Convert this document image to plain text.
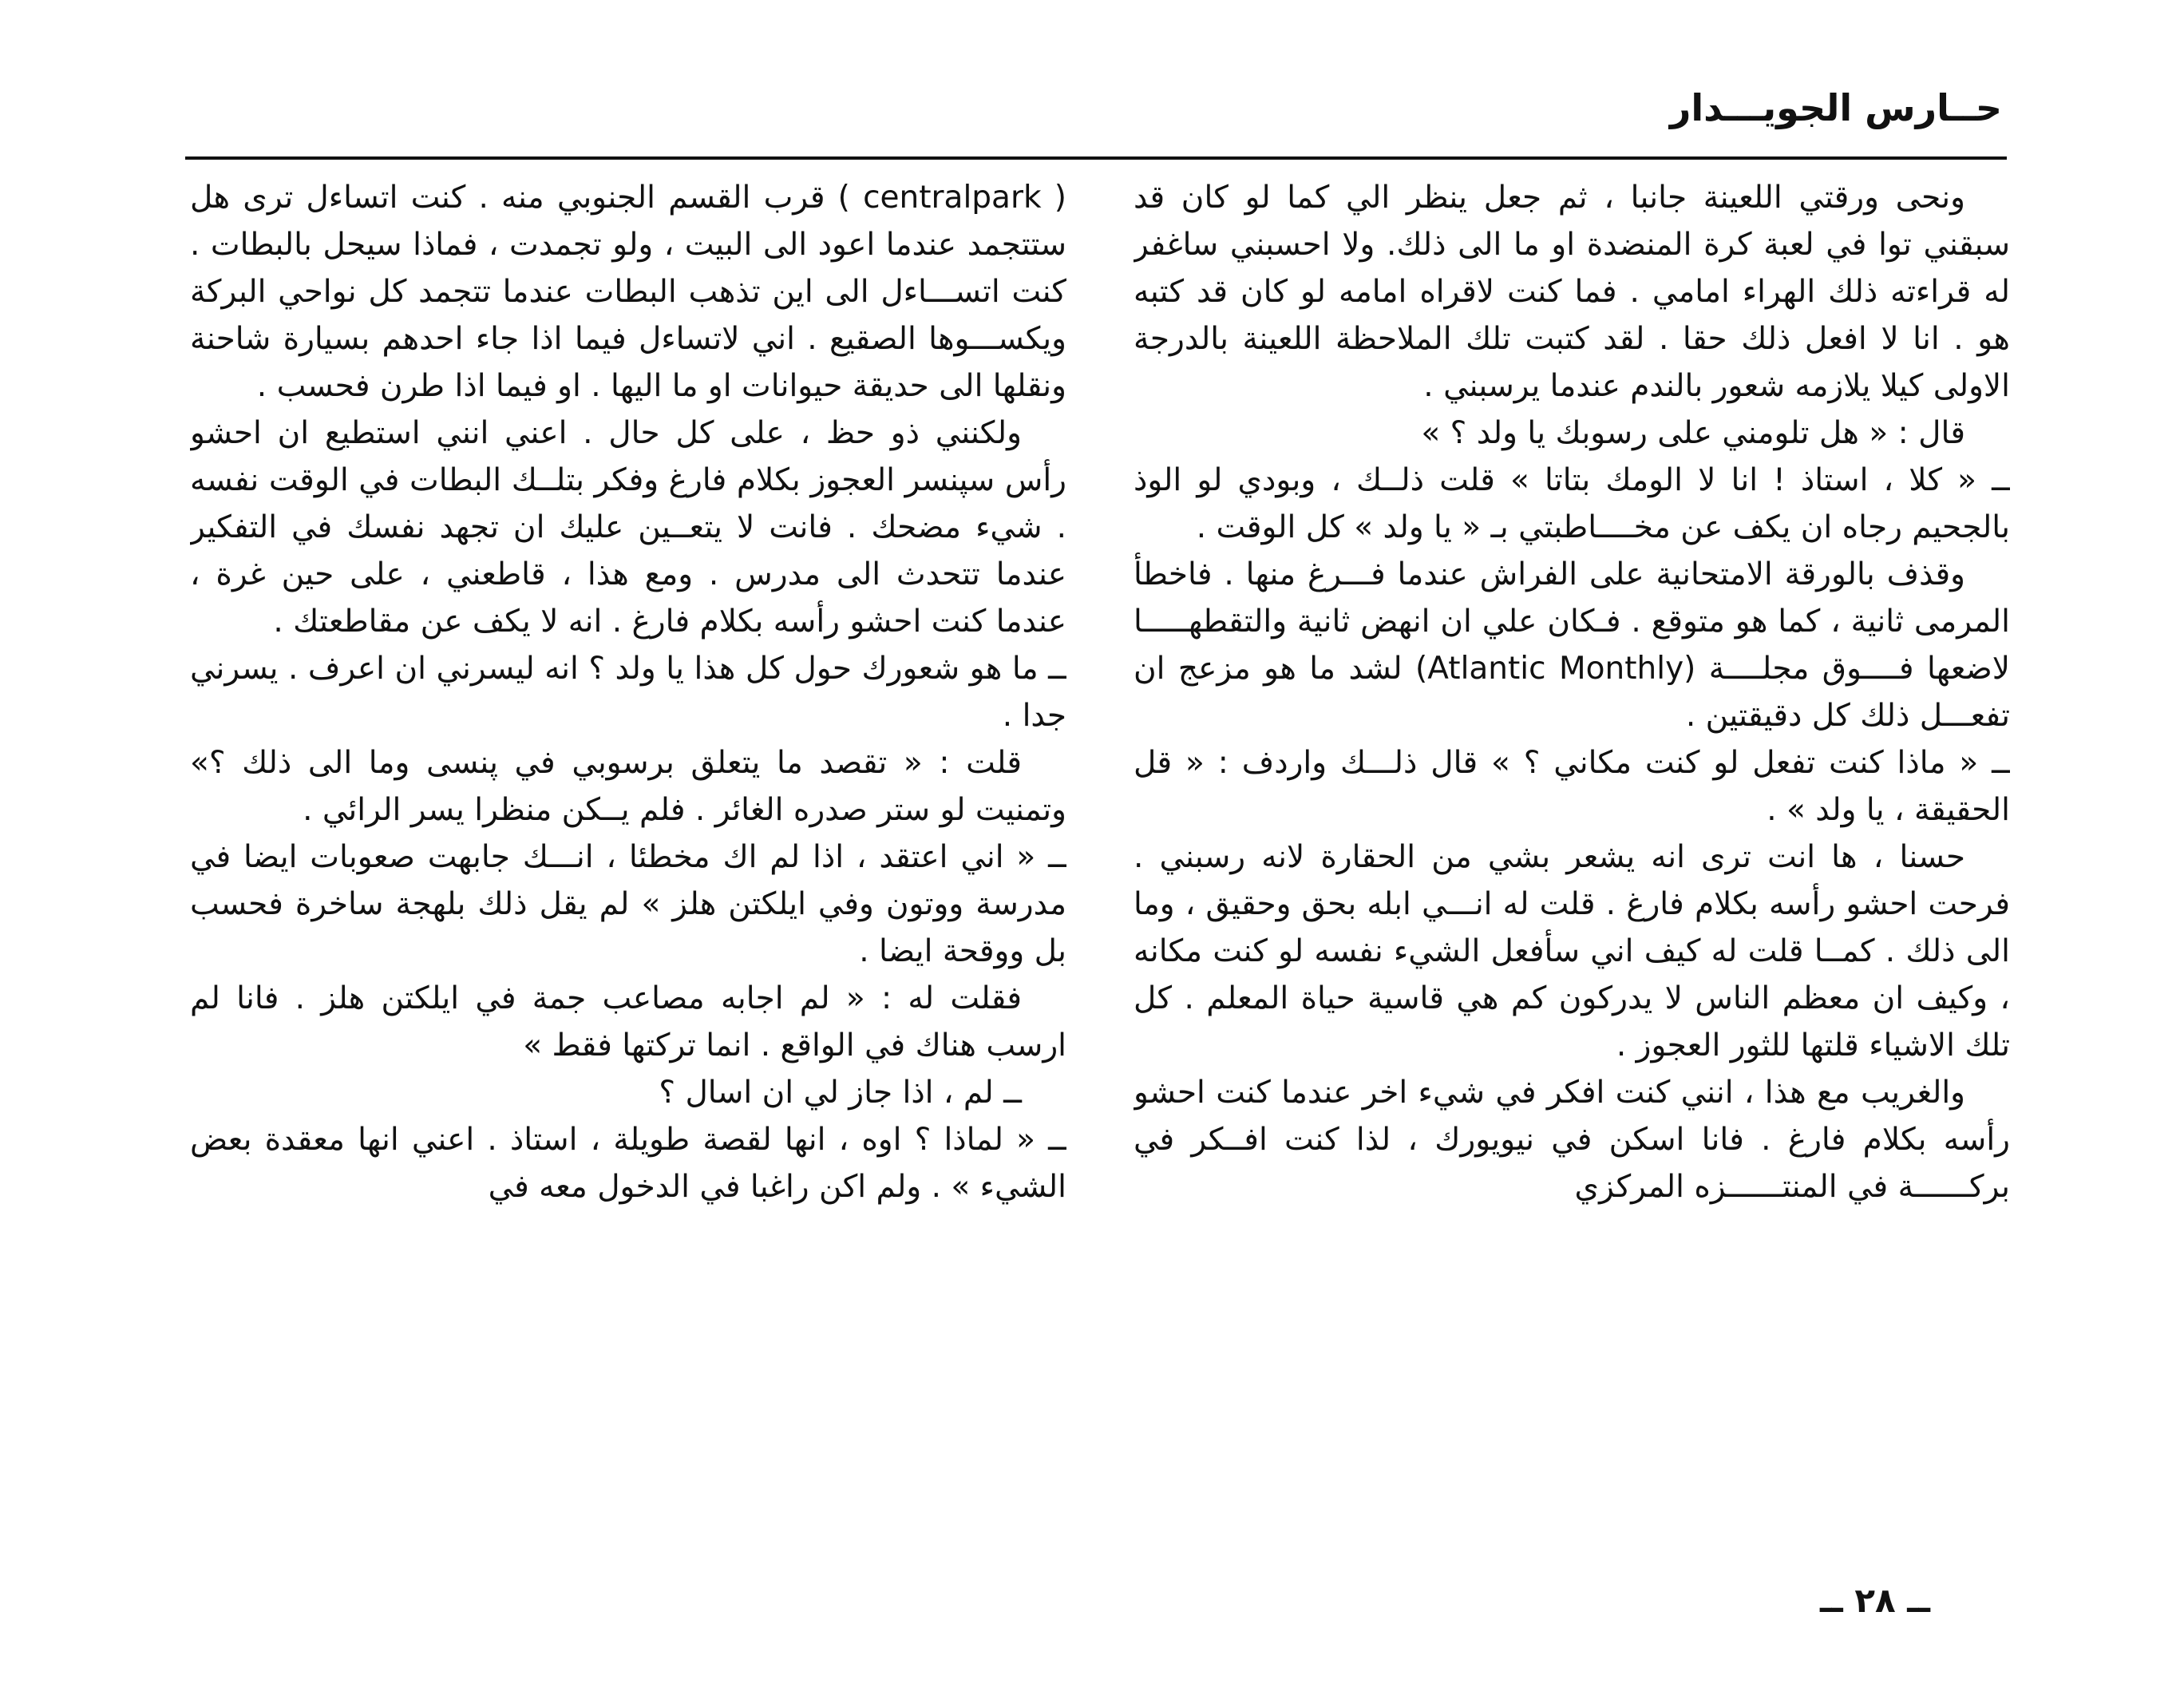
حــارس الجويـــدار

ونحى ورقتي اللعينة جانبا ، ثم جعل ينظر الي كما لو كان قد سبقني توا في لعبة كرة المنضدة او ما الى ذلك. ولا احسبني ساغفر له قراءته ذلك الهراء امامي . فما كنت لاقراه امامه لو كان قد كتبه هو . انا لا افعل ذلك حقا . لقد كتبت تلك الملاحظة اللعينة بالدرجة الاولى كيلا يلازمه شعور بالندم عندما يرسبني .

قال : « هل تلومني على رسوبك يا ولد ؟ »

ــ « كلا ، استاذ ! انا لا الومك بتاتا » قلت ذلــك ، وبودي لو الوذ بالجحيم رجاه ان يكف عن مخــــاطبتي بـ « يا ولد » كل الوقت .

وقذف بالورقة الامتحانية على الفراش عندما فـــرغ منها . فاخطأ المرمى ثانية ، كما هو متوقع . فـكان علي ان انهض ثانية والتقطهـــــا لاضعها فــــوق مجلــــة (Atlantic Monthly) لشد ما هو مزعج ان تفعـــل ذلك كل دقيقتين .

ــ « ماذا كنت تفعل لو كنت مكاني ؟ » قال ذلـــك واردف : « قل الحقيقة ، يا ولد » .

حسنا ، ها انت ترى انه يشعر بشي من الحقارة لانه رسبني . فرحت احشو رأسه بكلام فارغ . قلت له انـــي ابله بحق وحقيق ، وما الى ذلك . كمــا قلت له كيف اني سأفعل الشيء نفسه لو كنت مكانه ، وكيف ان معظم الناس لا يدركون كم هي قاسية حياة المعلم . كل تلك الاشياء قلتها للثور العجوز .

والغريب مع هذا ، انني كنت افكر في شيء اخر عندما كنت احشو رأسه بكلام فارغ . فانا اسكن في نيويورك ، لذا كنت افــكر في بركــــــة في المنتــــــزه المركزي

( centralpark ) قرب القسم الجنوبي منه . كنت اتساءل ترى هل ستتجمد عندما اعود الى البيت ، ولو تجمدت ، فماذا سيحل بالبطات . كنت اتســـاءل الى اين تذهب البطات عندما تتجمد كل نواحي البركة ويكســـوها الصقيع . اني لاتساءل فيما اذا جاء احدهم بسيارة شاحنة ونقلها الى حديقة حيوانات او ما اليها . او فيما اذا طرن فحسب .

ولكنني ذو حظ ، على كل حال . اعني انني استطيع ان احشو رأس سپنسر العجوز بكلام فارغ وفكر بتلــك البطات في الوقت نفسه . شيء مضحك . فانت لا يتعــين عليك ان تجهد نفسك في التفكير عندما تتحدث الى مدرس . ومع هذا ، قاطعني ، على حين غرة ، عندما كنت احشو رأسه بكلام فارغ . انه لا يكف عن مقاطعتك .

ــ ما هو شعورك حول كل هذا يا ولد ؟ انه ليسرني ان اعرف . يسرني جدا .

قلت : « تقصد ما يتعلق برسوبي في پنسى وما الى ذلك ؟» وتمنيت لو ستر صدره الغائر . فلم يــكن منظرا يسر الرائي .

ــ « اني اعتقد ، اذا لم اك مخطئا ، انـــك جابهت صعوبات ايضا في مدرسة ووتون وفي ايلكتن هلز » لم يقل ذلك بلهجة ساخرة فحسب بل ووقحة ايضا .

فقلت له : « لم اجابه مصاعب جمة في ايلكتن هلز . فانا لم ارسب هناك في الواقع . انما تركتها فقط »

ــ لم ، اذا جاز لي ان اسال ؟

ــ « لماذا ؟ اوه ، انها لقصة طويلة ، استاذ . اعني انها معقدة بعض الشيء » . ولم اكن راغبا في الدخول معه في

ــ ٢٨ ــ
